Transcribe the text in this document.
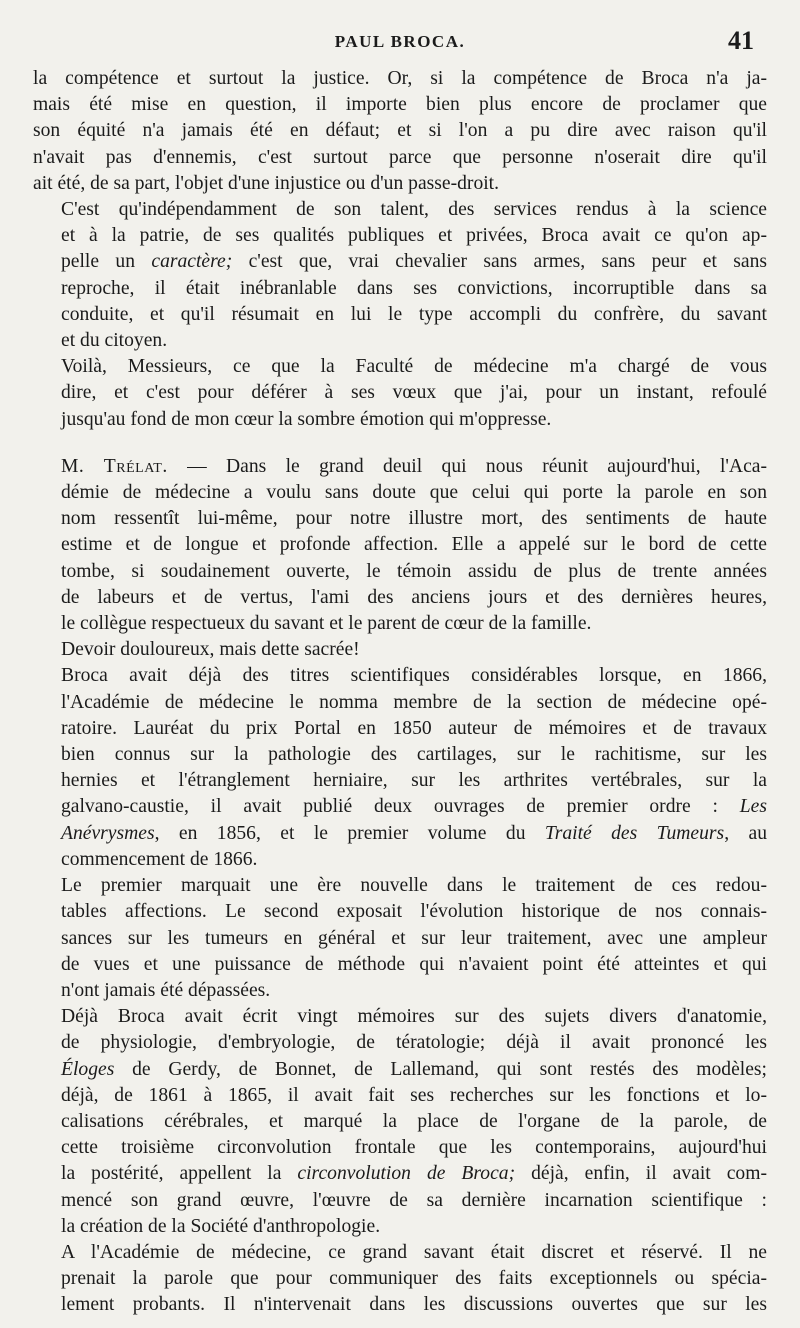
PAUL BROCA.	41

la compétence et surtout la justice. Or, si la compétence de Broca n'a ja-
mais été mise en question, il importe bien plus encore de proclamer que
son équité n'a jamais été en défaut; et si l'on a pu dire avec raison qu'il
n'avait pas d'ennemis, c'est surtout parce que personne n'oserait dire qu'il
ait été, de sa part, l'objet d'une injustice ou d'un passe-droit.

C'est qu'indépendamment de son talent, des services rendus à la science
et à la patrie, de ses qualités publiques et privées, Broca avait ce qu'on ap-
pelle un caractère; c'est que, vrai chevalier sans armes, sans peur et sans
reproche, il était inébranlable dans ses convictions, incorruptible dans sa
conduite, et qu'il résumait en lui le type accompli du confrère, du savant
et du citoyen.

Voilà, Messieurs, ce que la Faculté de médecine m'a chargé de vous
dire, et c'est pour déférer à ses vœux que j'ai, pour un instant, refoulé
jusqu'au fond de mon cœur la sombre émotion qui m'oppresse.

M. Trélat. — Dans le grand deuil qui nous réunit aujourd'hui, l'Aca-
démie de médecine a voulu sans doute que celui qui porte la parole en son
nom ressentît lui-même, pour notre illustre mort, des sentiments de haute
estime et de longue et profonde affection. Elle a appelé sur le bord de cette
tombe, si soudainement ouverte, le témoin assidu de plus de trente années
de labeurs et de vertus, l'ami des anciens jours et des dernières heures,
le collègue respectueux du savant et le parent de cœur de la famille.

Devoir douloureux, mais dette sacrée!

Broca avait déjà des titres scientifiques considérables lorsque, en 1866,
l'Académie de médecine le nomma membre de la section de médecine opé-
ratoire. Lauréat du prix Portal en 1850 auteur de mémoires et de travaux
bien connus sur la pathologie des cartilages, sur le rachitisme, sur les
hernies et l'étranglement herniaire, sur les arthrites vertébrales, sur la
galvano-caustie, il avait publié deux ouvrages de premier ordre : Les
Anévrysmes, en 1856, et le premier volume du Traité des Tumeurs, au
commencement de 1866.

Le premier marquait une ère nouvelle dans le traitement de ces redou-
tables affections. Le second exposait l'évolution historique de nos connais-
sances sur les tumeurs en général et sur leur traitement, avec une ampleur
de vues et une puissance de méthode qui n'avaient point été atteintes et qui
n'ont jamais été dépassées.

Déjà Broca avait écrit vingt mémoires sur des sujets divers d'anatomie,
de physiologie, d'embryologie, de tératologie; déjà il avait prononcé les
Éloges de Gerdy, de Bonnet, de Lallemand, qui sont restés des modèles;
déjà, de 1861 à 1865, il avait fait ses recherches sur les fonctions et lo-
calisations cérébrales, et marqué la place de l'organe de la parole, de
cette troisième circonvolution frontale que les contemporains, aujourd'hui
la postérité, appellent la circonvolution de Broca; déjà, enfin, il avait com-
mencé son grand œuvre, l'œuvre de sa dernière incarnation scientifique :
la création de la Société d'anthropologie.

A l'Académie de médecine, ce grand savant était discret et réservé. Il ne
prenait la parole que pour communiquer des faits exceptionnels ou spécia-
lement probants. Il n'intervenait dans les discussions ouvertes que sur les
